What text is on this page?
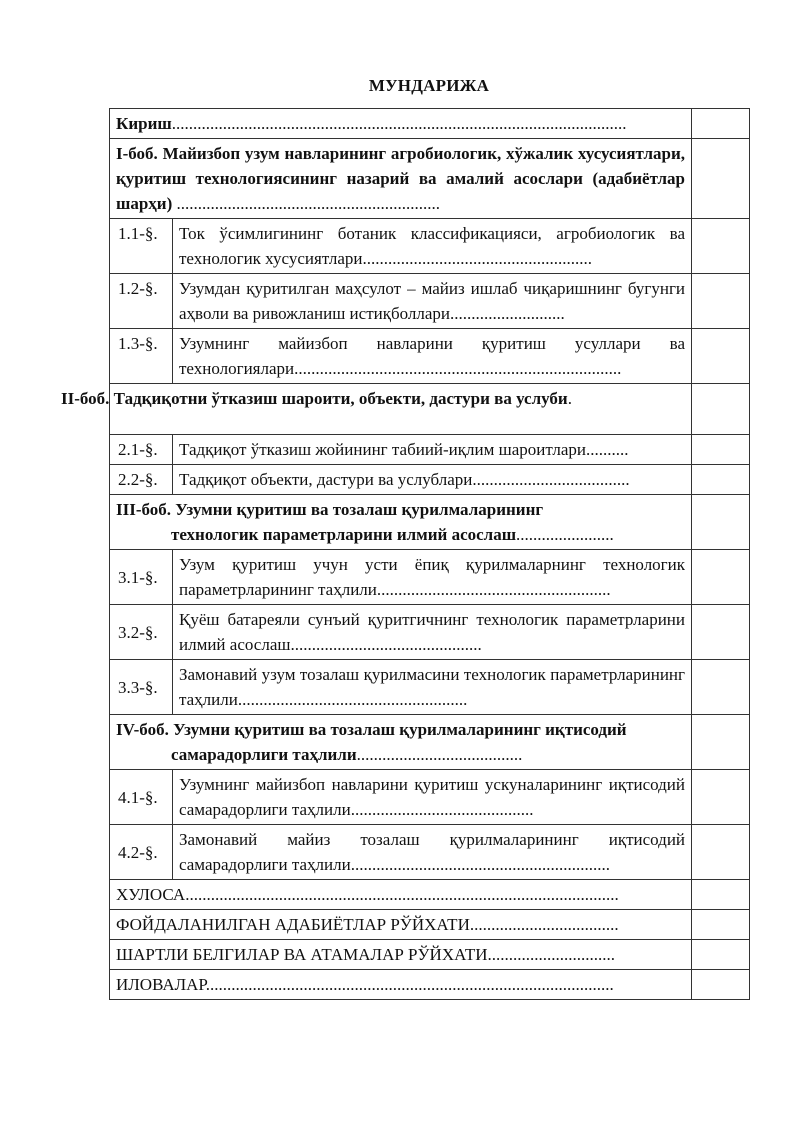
МУНДАРИЖА
Кириш...........................................................................................................		
I-боб. Майизбоп узум навларининг агробиологик, хўжалик хусусиятлари, қуритиш технологиясининг назарий ва амалий асослари (адабиётлар шарҳи) ..............................................................		
1.1-§.	Ток ўсимлигининг ботаник классификацияси, агробиологик ва технологик хусусиятлари......................................................	
1.2-§.	Узумдан қуритилган маҳсулот – майиз ишлаб чиқаришнинг бугунги аҳволи ва ривожланиш истиқболлари...........................	
1.3-§.	Узумнинг майизбоп навларини қуритиш усуллари ва технологиялари.............................................................................	
II-боб. Тадқиқотни ўтказиш шароити, объекти, дастури ва услуби.		
2.1-§.	Тадқиқот ўтказиш жойининг табиий-иқлим шароитлари..........	
2.2-§.	Тадқиқот объекти, дастури ва услублари.....................................	

III-боб. Узумни қуритиш ва тозалаш қурилмаларининг
технологик параметрларини илмий асослаш.......................		

3.1-§.	Узум қуритиш учун усти ёпиқ қурилмаларнинг технологик параметрларининг таҳлили.......................................................	
3.2-§.	Қуёш батареяли сунъий қуритгичнинг технологик параметрларини илмий асослаш.............................................	
3.3-§.	Замонавий узум тозалаш қурилмасини технологик параметрларининг таҳлили......................................................	

IV-боб. Узумни қуритиш ва тозалаш қурилмаларининг иқтисодий
самарадорлиги таҳлили.......................................		

4.1-§.	Узумнинг майизбоп навларини қуритиш ускуналарининг иқтисодий самарадорлиги таҳлили...........................................	
4.2-§.	Замонавий майиз тозалаш қурилмаларининг иқтисодий самарадорлиги таҳлили.............................................................	
ХУЛОСА......................................................................................................		
ФОЙДАЛАНИЛГАН АДАБИЁТЛАР РЎЙХАТИ...................................		
ШАРТЛИ БЕЛГИЛАР ВА АТАМАЛАР РЎЙХАТИ..............................		
ИЛОВАЛАР................................................................................................		
